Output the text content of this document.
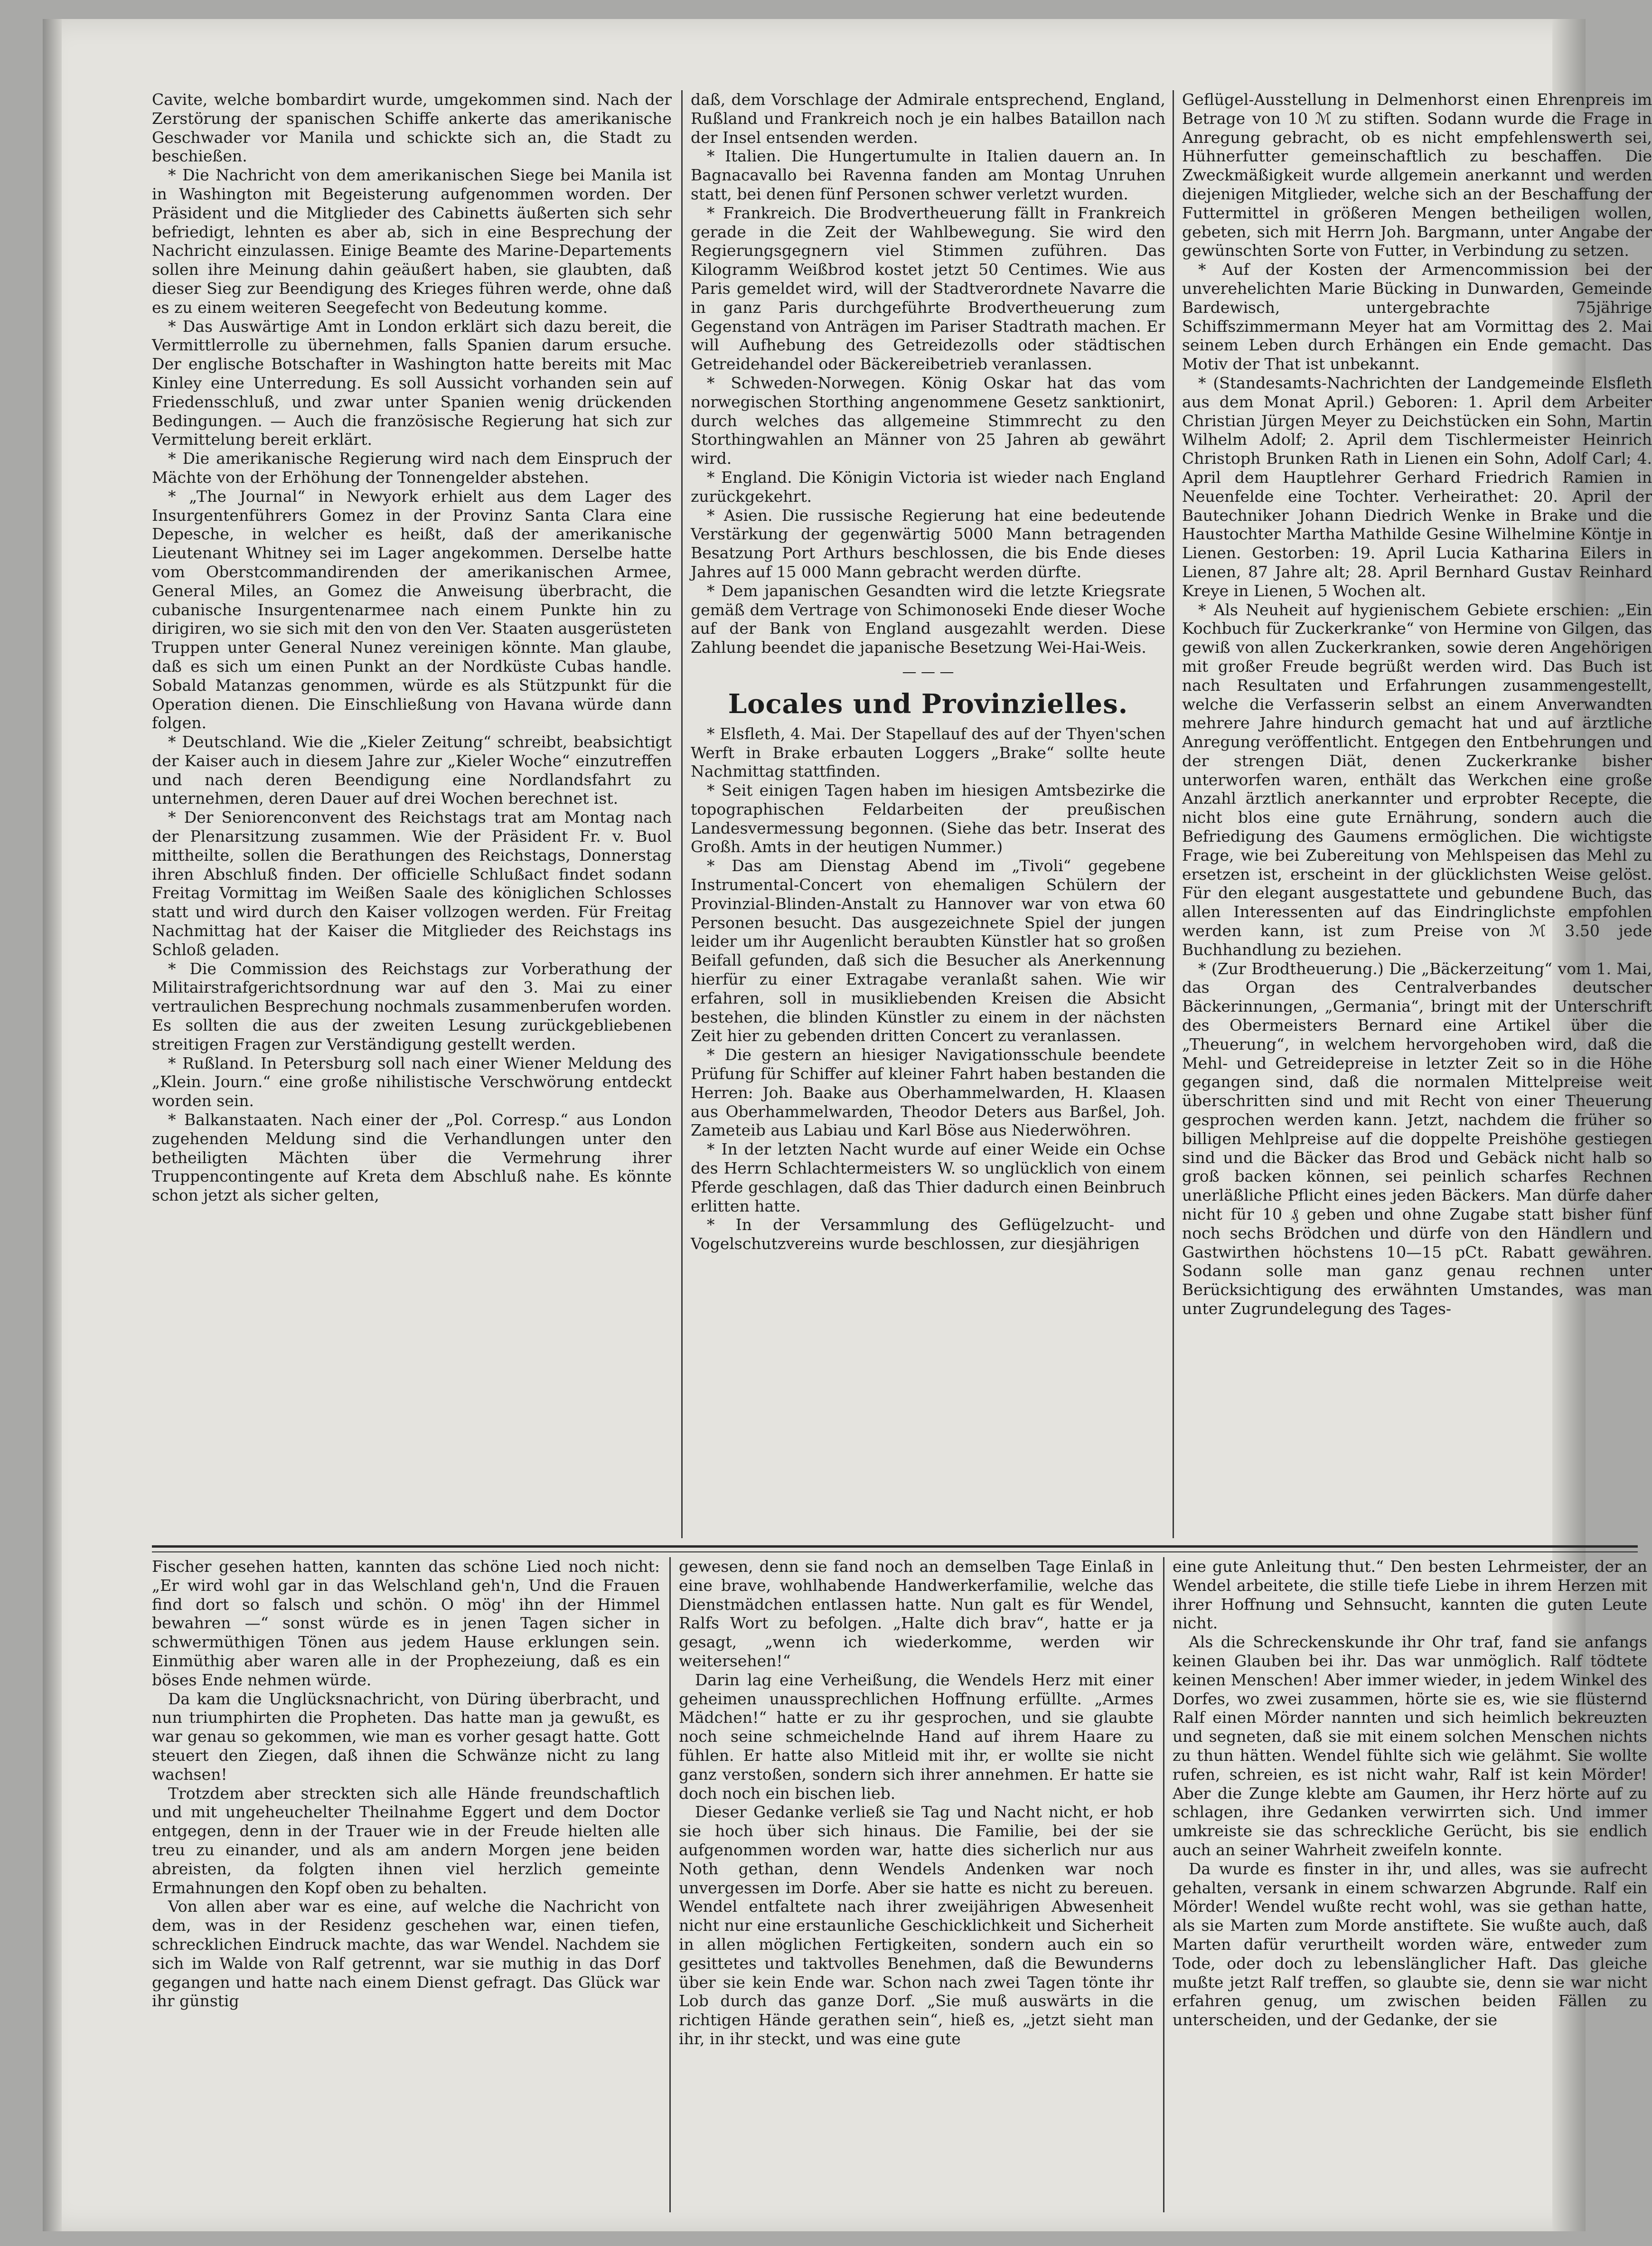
Cavite, welche bombardirt wurde, umgekommen sind. Nach der Zerstörung der spanischen Schiffe ankerte das amerikanische Geschwader vor Manila und schickte sich an, die Stadt zu beschießen.

* Die Nachricht von dem amerikanischen Siege bei Manila ist in Washington mit Begeisterung aufgenommen worden. Der Präsident und die Mitglieder des Cabinetts äußerten sich sehr befriedigt, lehnten es aber ab, sich in eine Besprechung der Nachricht einzulassen. Einige Beamte des Marine-Departements sollen ihre Meinung dahin geäußert haben, sie glaubten, daß dieser Sieg zur Beendigung des Krieges führen werde, ohne daß es zu einem weiteren Seegefecht von Bedeutung komme.

* Das Auswärtige Amt in London erklärt sich dazu bereit, die Vermittlerrolle zu übernehmen, falls Spanien darum ersuche. Der englische Botschafter in Washington hatte bereits mit Mac Kinley eine Unterredung. Es soll Aussicht vorhanden sein auf Friedensschluß, und zwar unter Spanien wenig drückenden Bedingungen. — Auch die französische Regierung hat sich zur Vermittelung bereit erklärt.

* Die amerikanische Regierung wird nach dem Einspruch der Mächte von der Erhöhung der Tonnengelder abstehen.

* „The Journal“ in Newyork erhielt aus dem Lager des Insurgentenführers Gomez in der Provinz Santa Clara eine Depesche, in welcher es heißt, daß der amerikanische Lieutenant Whitney sei im Lager angekommen. Derselbe hatte vom Oberstcommandirenden der amerikanischen Armee, General Miles, an Gomez die Anweisung überbracht, die cubanische Insurgentenarmee nach einem Punkte hin zu dirigiren, wo sie sich mit den von den Ver. Staaten ausgerüsteten Truppen unter General Nunez vereinigen könnte. Man glaube, daß es sich um einen Punkt an der Nordküste Cubas handle. Sobald Matanzas genommen, würde es als Stützpunkt für die Operation dienen. Die Einschließung von Havana würde dann folgen.

* Deutschland. Wie die „Kieler Zeitung“ schreibt, beabsichtigt der Kaiser auch in diesem Jahre zur „Kieler Woche“ einzutreffen und nach deren Beendigung eine Nordlandsfahrt zu unternehmen, deren Dauer auf drei Wochen berechnet ist.

* Der Seniorenconvent des Reichstags trat am Montag nach der Plenarsitzung zusammen. Wie der Präsident Fr. v. Buol mittheilte, sollen die Berathungen des Reichstags, Donnerstag ihren Abschluß finden. Der officielle Schlußact findet sodann Freitag Vormittag im Weißen Saale des königlichen Schlosses statt und wird durch den Kaiser vollzogen werden. Für Freitag Nachmittag hat der Kaiser die Mitglieder des Reichstags ins Schloß geladen.

* Die Commission des Reichstags zur Vorberathung der Militairstrafgerichtsordnung war auf den 3. Mai zu einer vertraulichen Besprechung nochmals zusammenberufen worden. Es sollten die aus der zweiten Lesung zurückgebliebenen streitigen Fragen zur Verständigung gestellt werden.

* Rußland. In Petersburg soll nach einer Wiener Meldung des „Klein. Journ.“ eine große nihilistische Verschwörung entdeckt worden sein.

* Balkanstaaten. Nach einer der „Pol. Corresp.“ aus London zugehenden Meldung sind die Verhandlungen unter den betheiligten Mächten über die Vermehrung ihrer Truppencontingente auf Kreta dem Abschluß nahe. Es könnte schon jetzt als sicher gelten,

daß, dem Vorschlage der Admirale entsprechend, England, Rußland und Frankreich noch je ein halbes Bataillon nach der Insel entsenden werden.

* Italien. Die Hungertumulte in Italien dauern an. In Bagnacavallo bei Ravenna fanden am Montag Unruhen statt, bei denen fünf Personen schwer verletzt wurden.

* Frankreich. Die Brodvertheuerung fällt in Frankreich gerade in die Zeit der Wahlbewegung. Sie wird den Regierungsgegnern viel Stimmen zuführen. Das Kilogramm Weißbrod kostet jetzt 50 Centimes. Wie aus Paris gemeldet wird, will der Stadtverordnete Navarre die in ganz Paris durchgeführte Brodvertheuerung zum Gegenstand von Anträgen im Pariser Stadtrath machen. Er will Aufhebung des Getreidezolls oder städtischen Getreidehandel oder Bäckereibetrieb veranlassen.

* Schweden-Norwegen. König Oskar hat das vom norwegischen Storthing angenommene Gesetz sanktionirt, durch welches das allgemeine Stimmrecht zu den Storthingwahlen an Männer von 25 Jahren ab gewährt wird.

* England. Die Königin Victoria ist wieder nach England zurückgekehrt.

* Asien. Die russische Regierung hat eine bedeutende Verstärkung der gegenwärtig 5000 Mann betragenden Besatzung Port Arthurs beschlossen, die bis Ende dieses Jahres auf 15 000 Mann gebracht werden dürfte.

* Dem japanischen Gesandten wird die letzte Kriegsrate gemäß dem Vertrage von Schimonoseki Ende dieser Woche auf der Bank von England ausgezahlt werden. Diese Zahlung beendet die japanische Besetzung Wei-Hai-Weis.

— — —
Locales und Provinzielles.

* Elsfleth, 4. Mai. Der Stapellauf des auf der Thyen'schen Werft in Brake erbauten Loggers „Brake“ sollte heute Nachmittag stattfinden.

* Seit einigen Tagen haben im hiesigen Amtsbezirke die topographischen Feldarbeiten der preußischen Landesvermessung begonnen. (Siehe das betr. Inserat des Großh. Amts in der heutigen Nummer.)

* Das am Dienstag Abend im „Tivoli“ gegebene Instrumental-Concert von ehemaligen Schülern der Provinzial-Blinden-Anstalt zu Hannover war von etwa 60 Personen besucht. Das ausgezeichnete Spiel der jungen leider um ihr Augenlicht beraubten Künstler hat so großen Beifall gefunden, daß sich die Besucher als Anerkennung hierfür zu einer Extragabe veranlaßt sahen. Wie wir erfahren, soll in musikliebenden Kreisen die Absicht bestehen, die blinden Künstler zu einem in der nächsten Zeit hier zu gebenden dritten Concert zu veranlassen.

* Die gestern an hiesiger Navigationsschule beendete Prüfung für Schiffer auf kleiner Fahrt haben bestanden die Herren: Joh. Baake aus Oberhammelwarden, H. Klaasen aus Oberhammelwarden, Theodor Deters aus Barßel, Joh. Zameteib aus Labiau und Karl Böse aus Niederwöhren.

* In der letzten Nacht wurde auf einer Weide ein Ochse des Herrn Schlachtermeisters W. so unglücklich von einem Pferde geschlagen, daß das Thier dadurch einen Beinbruch erlitten hatte.

* In der Versammlung des Geflügelzucht- und Vogelschutzvereins wurde beschlossen, zur diesjährigen

Geflügel-Ausstellung in Delmenhorst einen Ehrenpreis im Betrage von 10 ℳ zu stiften. Sodann wurde die Frage in Anregung gebracht, ob es nicht empfehlenswerth sei, Hühnerfutter gemeinschaftlich zu beschaffen. Die Zweckmäßigkeit wurde allgemein anerkannt und werden diejenigen Mitglieder, welche sich an der Beschaffung der Futtermittel in größeren Mengen betheiligen wollen, gebeten, sich mit Herrn Joh. Bargmann, unter Angabe der gewünschten Sorte von Futter, in Verbindung zu setzen.

* Auf der Kosten der Armencommission bei der unverehelichten Marie Bücking in Dunwarden, Gemeinde Bardewisch, untergebrachte 75jährige Schiffszimmermann Meyer hat am Vormittag des 2. Mai seinem Leben durch Erhängen ein Ende gemacht. Das Motiv der That ist unbekannt.

* (Standesamts-Nachrichten der Landgemeinde Elsfleth aus dem Monat April.) Geboren: 1. April dem Arbeiter Christian Jürgen Meyer zu Deichstücken ein Sohn, Martin Wilhelm Adolf; 2. April dem Tischlermeister Heinrich Christoph Brunken Rath in Lienen ein Sohn, Adolf Carl; 4. April dem Hauptlehrer Gerhard Friedrich Ramien in Neuenfelde eine Tochter. Verheirathet: 20. April der Bautechniker Johann Diedrich Wenke in Brake und die Haustochter Martha Mathilde Gesine Wilhelmine Köntje in Lienen. Gestorben: 19. April Lucia Katharina Eilers in Lienen, 87 Jahre alt; 28. April Bernhard Gustav Reinhard Kreye in Lienen, 5 Wochen alt.

* Als Neuheit auf hygienischem Gebiete erschien: „Ein Kochbuch für Zuckerkranke“ von Hermine von Gilgen, das gewiß von allen Zuckerkranken, sowie deren Angehörigen mit großer Freude begrüßt werden wird. Das Buch ist nach Resultaten und Erfahrungen zusammengestellt, welche die Verfasserin selbst an einem Anverwandten mehrere Jahre hindurch gemacht hat und auf ärztliche Anregung veröffentlicht. Entgegen den Entbehrungen und der strengen Diät, denen Zuckerkranke bisher unterworfen waren, enthält das Werkchen eine große Anzahl ärztlich anerkannter und erprobter Recepte, die nicht blos eine gute Ernährung, sondern auch die Befriedigung des Gaumens ermöglichen. Die wichtigste Frage, wie bei Zubereitung von Mehlspeisen das Mehl zu ersetzen ist, erscheint in der glücklichsten Weise gelöst. Für den elegant ausgestattete und gebundene Buch, das allen Interessenten auf das Eindringlichste empfohlen werden kann, ist zum Preise von ℳ 3.50 jede Buchhandlung zu beziehen.

* (Zur Brodtheuerung.) Die „Bäckerzeitung“ vom 1. Mai, das Organ des Centralverbandes deutscher Bäckerinnungen, „Germania“, bringt mit der Unterschrift des Obermeisters Bernard eine Artikel über die „Theuerung“, in welchem hervorgehoben wird, daß die Mehl- und Getreidepreise in letzter Zeit so in die Höhe gegangen sind, daß die normalen Mittelpreise weit überschritten sind und mit Recht von einer Theuerung gesprochen werden kann. Jetzt, nachdem die früher so billigen Mehlpreise auf die doppelte Preishöhe gestiegen sind und die Bäcker das Brod und Gebäck nicht halb so groß backen können, sei peinlich scharfes Rechnen unerläßliche Pflicht eines jeden Bäckers. Man dürfe daher nicht für 10 ₰ geben und ohne Zugabe statt bisher fünf noch sechs Brödchen und dürfe von den Händlern und Gastwirthen höchstens 10—15 pCt. Rabatt gewähren. Sodann solle man ganz genau rechnen unter Berücksichtigung des erwähnten Umstandes, was man unter Zugrundelegung des Tages-

Fischer gesehen hatten, kannten das schöne Lied noch nicht: „Er wird wohl gar in das Welschland geh'n, Und die Frauen find dort so falsch und schön. O mög' ihn der Himmel bewahren —“ sonst würde es in jenen Tagen sicher in schwermüthigen Tönen aus jedem Hause erklungen sein. Einmüthig aber waren alle in der Prophezeiung, daß es ein böses Ende nehmen würde.

Da kam die Unglücksnachricht, von Düring überbracht, und nun triumphirten die Propheten. Das hatte man ja gewußt, es war genau so gekommen, wie man es vorher gesagt hatte. Gott steuert den Ziegen, daß ihnen die Schwänze nicht zu lang wachsen!

Trotzdem aber streckten sich alle Hände freundschaftlich und mit ungeheuchelter Theilnahme Eggert und dem Doctor entgegen, denn in der Trauer wie in der Freude hielten alle treu zu einander, und als am andern Morgen jene beiden abreisten, da folgten ihnen viel herzlich gemeinte Ermahnungen den Kopf oben zu behalten.

Von allen aber war es eine, auf welche die Nachricht von dem, was in der Residenz geschehen war, einen tiefen, schrecklichen Eindruck machte, das war Wendel. Nachdem sie sich im Walde von Ralf getrennt, war sie muthig in das Dorf gegangen und hatte nach einem Dienst gefragt. Das Glück war ihr günstig

gewesen, denn sie fand noch an demselben Tage Einlaß in eine brave, wohlhabende Handwerkerfamilie, welche das Dienstmädchen entlassen hatte. Nun galt es für Wendel, Ralfs Wort zu befolgen. „Halte dich brav“, hatte er ja gesagt, „wenn ich wiederkomme, werden wir weitersehen!“

Darin lag eine Verheißung, die Wendels Herz mit einer geheimen unaussprechlichen Hoffnung erfüllte. „Armes Mädchen!“ hatte er zu ihr gesprochen, und sie glaubte noch seine schmeichelnde Hand auf ihrem Haare zu fühlen. Er hatte also Mitleid mit ihr, er wollte sie nicht ganz verstoßen, sondern sich ihrer annehmen. Er hatte sie doch noch ein bischen lieb.

Dieser Gedanke verließ sie Tag und Nacht nicht, er hob sie hoch über sich hinaus. Die Familie, bei der sie aufgenommen worden war, hatte dies sicherlich nur aus Noth gethan, denn Wendels Andenken war noch unvergessen im Dorfe. Aber sie hatte es nicht zu bereuen. Wendel entfaltete nach ihrer zweijährigen Abwesenheit nicht nur eine erstaunliche Geschicklichkeit und Sicherheit in allen möglichen Fertigkeiten, sondern auch ein so gesittetes und taktvolles Benehmen, daß die Bewunderns über sie kein Ende war. Schon nach zwei Tagen tönte ihr Lob durch das ganze Dorf. „Sie muß auswärts in die richtigen Hände gerathen sein“, hieß es, „jetzt sieht man ihr, in ihr steckt, und was eine gute

eine gute Anleitung thut.“ Den besten Lehrmeister, der an Wendel arbeitete, die stille tiefe Liebe in ihrem Herzen mit ihrer Hoffnung und Sehnsucht, kannten die guten Leute nicht.

Als die Schreckenskunde ihr Ohr traf, fand sie anfangs keinen Glauben bei ihr. Das war unmöglich. Ralf tödtete keinen Menschen! Aber immer wieder, in jedem Winkel des Dorfes, wo zwei zusammen, hörte sie es, wie sie flüsternd Ralf einen Mörder nannten und sich heimlich bekreuzten und segneten, daß sie mit einem solchen Menschen nichts zu thun hätten. Wendel fühlte sich wie gelähmt. Sie wollte rufen, schreien, es ist nicht wahr, Ralf ist kein Mörder! Aber die Zunge klebte am Gaumen, ihr Herz hörte auf zu schlagen, ihre Gedanken verwirrten sich. Und immer umkreiste sie das schreckliche Gerücht, bis sie endlich auch an seiner Wahrheit zweifeln konnte.

Da wurde es finster in ihr, und alles, was sie aufrecht gehalten, versank in einem schwarzen Abgrunde. Ralf ein Mörder! Wendel wußte recht wohl, was sie gethan hatte, als sie Marten zum Morde anstiftete. Sie wußte auch, daß Marten dafür verurtheilt worden wäre, entweder zum Tode, oder doch zu lebenslänglicher Haft. Das gleiche mußte jetzt Ralf treffen, so glaubte sie, denn sie war nicht erfahren genug, um zwischen beiden Fällen zu unterscheiden, und der Gedanke, der sie
